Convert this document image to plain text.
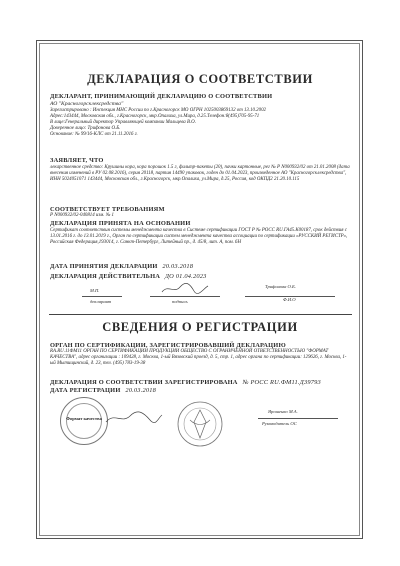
ДЕКЛАРАЦИЯ О СООТВЕТСТВИИ
ДЕКЛАРАНТ, ПРИНИМАЮЩИЙ ДЕКЛАРАЦИЮ О СООТВЕТСТВИИ
АО "Красногорсклексредства"
Зарегистрировано : Инспекция МНС России по г.Красногорск МО ОГРН 1025003869132 от 13.10.2002
Адрес:143444, Московская обл., г.Красногорск, мкр.Опалиха, ул.Мира, д.25.Телефон:8(495)705-95-71
В лице:Генеральный директор Управляющей компании Мальцева В.О.
Доверенное лицо: Трифонова О.Б.
Основание: № 99/16-КЛС от 21.11.2016 г.
ЗАЯВЛЯЕТ, ЧТО
лекарственное средство: Крушины кора, кора порошок 1.5 г, фильтр-пакеты (20), пачки картонные, рег № Р N000932/02 от 21.01.2008 (дата внесения изменений в РУ 02.08.2016), серия 20118, партия 14490 упаковок, годен до 01.04.2023, произведенное АО "Красногорсклексредства", ИНН 5024051071 143444, Московская обл., г.Красногорск, мкр.Опалиха, ул.Мира, д.25, Россия, код ОКПД2 21.20.10.115
СООТВЕТСТВУЕТ ТРЕБОВАНИЯМ
Р N000932/02-040814 изм. № 1
ДЕКЛАРАЦИЯ ПРИНЯТА НА ОСНОВАНИИ
Сертификат соответствия системы менеджмента качества в Системе сертификации ГОСТ Р № РОСС RU.ГА45.К00187, срок действия с 13.01.2016 г. до 13.01.2019 г., Орган по сертификации систем менеджмента качества ассоциации по сертификации «РУССКИЙ РЕГИСТР», Российская Федерация,193014, г. Санкт-Петербург, Литейный пр., д. 45/8, лит. А, пом. 6Н
ДАТА ПРИНЯТИЯ ДЕКЛАРАЦИИ 20.03.2018
ДЕКЛАРАЦИЯ ДЕЙСТВИТЕЛЬНА ДО 01.04.2023
М.П.
Трифонова О.Б.
декларант	подпись	Ф.И.О
СВЕДЕНИЯ О РЕГИСТРАЦИИ
ОРГАН ПО СЕРТИФИКАЦИИ, ЗАРЕГИСТРИРОВАВШИЙ ДЕКЛАРАЦИЮ
RA.RU.11ФМ11 ОРГАН ПО СЕРТИФИКАЦИИ ПРОДУКЦИИ ОБЩЕСТВО С ОГРАНИЧЕННОЙ ОТВЕТСТВЕННОСТЬЮ "ФОРМАТ КАЧЕСТВА", адрес организации : 109428, г. Москва, 1-ый Вязовский проезд, д. 5, стр. 1, адрес органа по сертификации: 129626, г. Москва, 1-ый Мытищинский, д. 23, тел. (495) 783-19-38
ДЕКЛАРАЦИЯ О СООТВЕТСТВИИ ЗАРЕГИСТРИРОВАНА № РОСС RU.ФМ11.Д39793
ДАТА РЕГИСТРАЦИИ 20.03.2018
Формат качества
Ярошенко М.А.
Руководитель ОС
